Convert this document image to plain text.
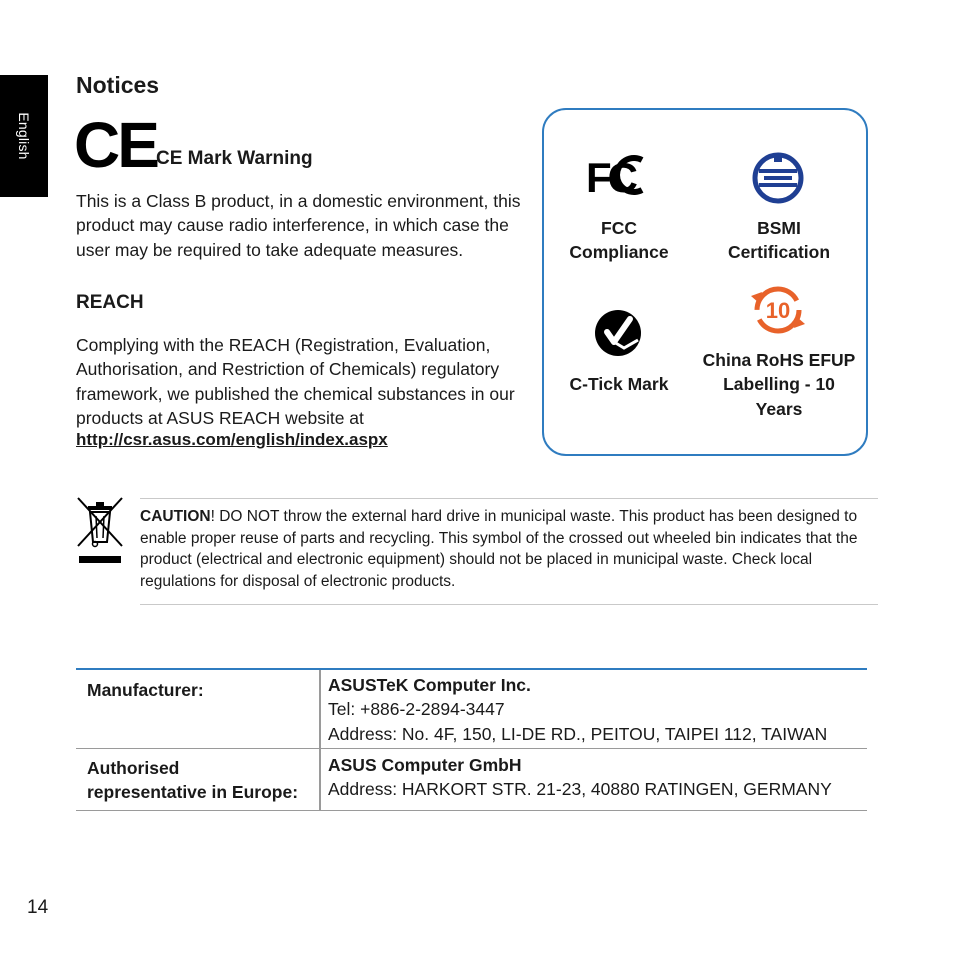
English
Notices
CE CE Mark Warning
This is a Class B product, in a domestic environment, this product may cause radio interference, in which case the user may be required to take adequate measures.
REACH
Complying with the REACH (Registration, Evaluation, Authorisation, and Restriction of Chemicals) regulatory framework, we published the chemical substances in our products at ASUS REACH website at
http://csr.asus.com/english/index.aspx
FC
FCC
Compliance
BSMI
Certification
C-Tick Mark
10
China RoHS EFUP
Labelling - 10
Years
CAUTION! DO NOT throw the external hard drive in municipal waste. This product has been designed to enable proper reuse of parts and recycling. This symbol of the crossed out wheeled bin indicates that the product (electrical and electronic equipment) should not be placed in municipal waste. Check local regulations for disposal of electronic products.
Manufacturer:	ASUSTeK Computer Inc.
Tel: +886-2-2894-3447
Address: No. 4F, 150, LI-DE RD., PEITOU, TAIPEI 112, TAIWAN
Authorised
representative in Europe:
ASUS Computer GmbH
Address: HARKORT STR. 21-23, 40880 RATINGEN, GERMANY
14
